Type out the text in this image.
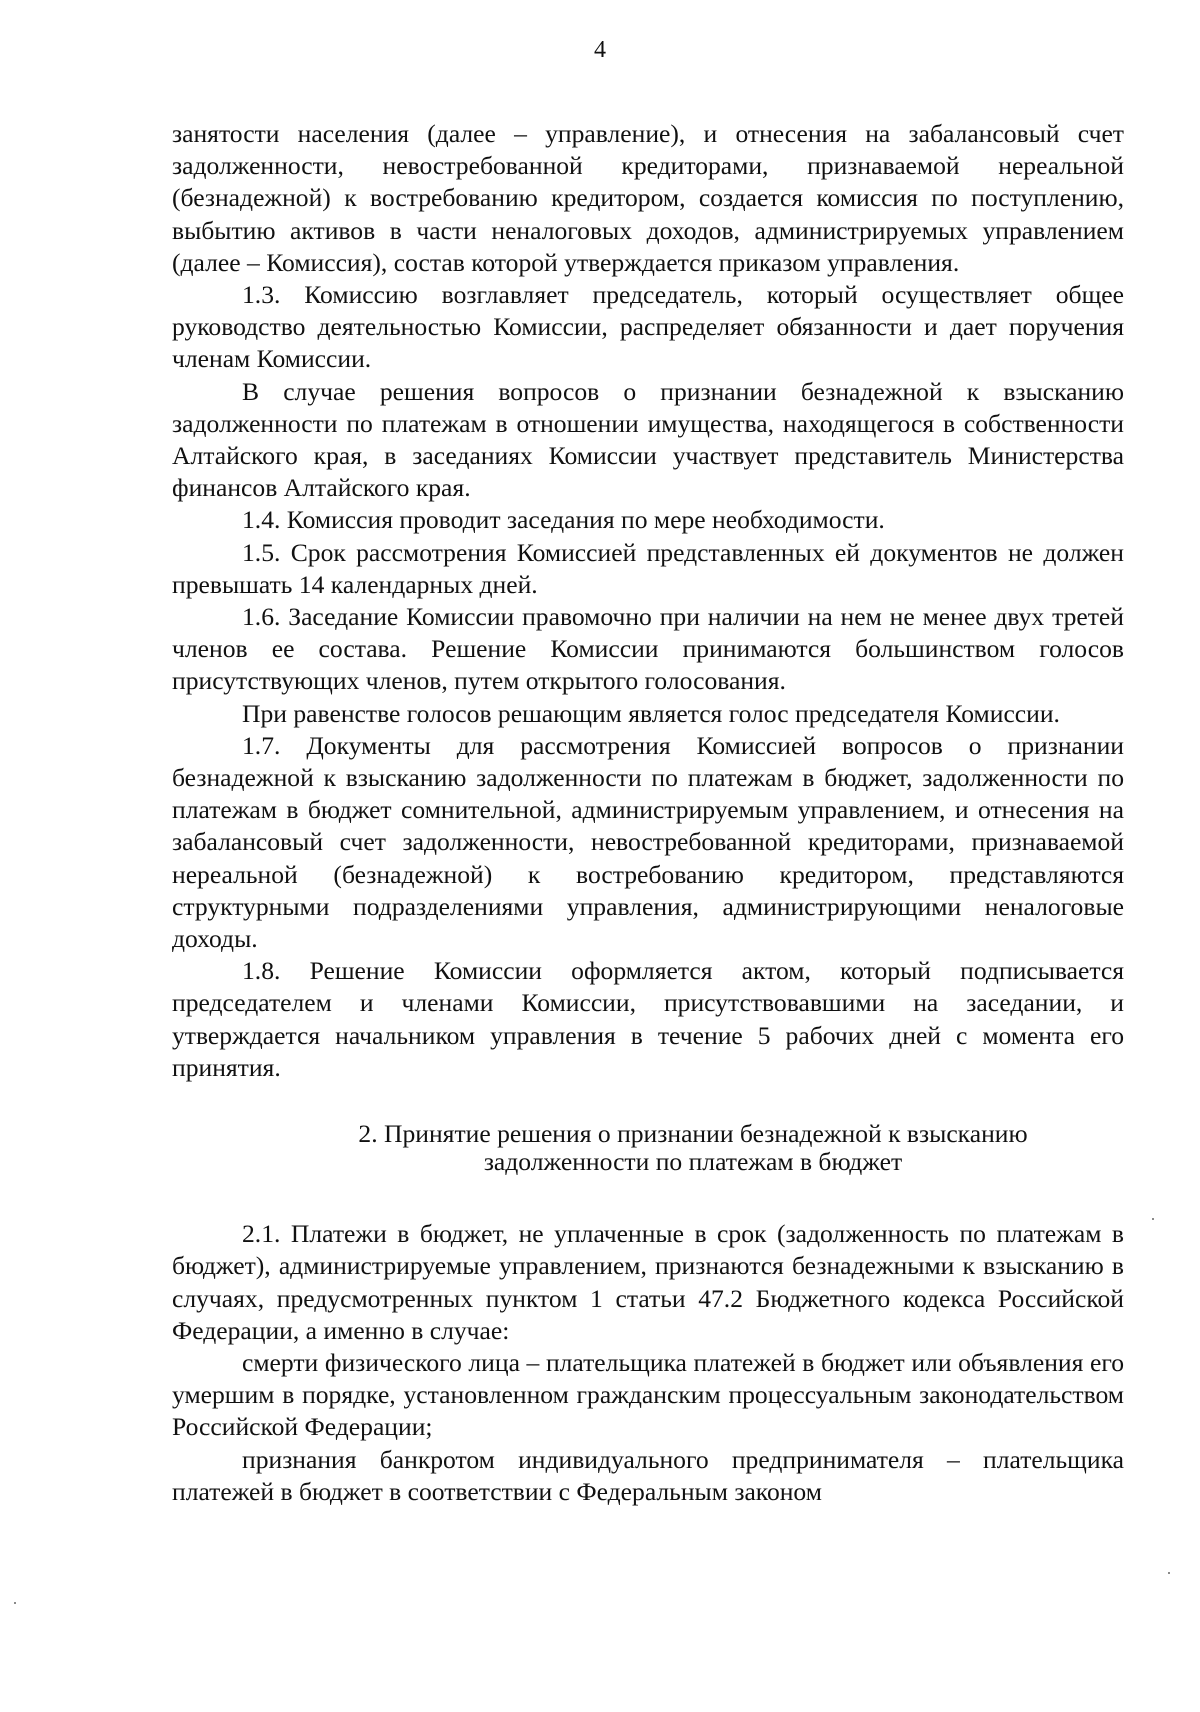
4

занятости населения (далее – управление), и отнесения на забалансовый счет задолженности, невостребованной кредиторами, признаваемой нереальной (безнадежной) к востребованию кредитором, создается комиссия по поступлению, выбытию активов в части неналоговых доходов, администрируемых управлением (далее – Комиссия), состав которой утверждается приказом управления.

1.3. Комиссию возглавляет председатель, который осуществляет общее руководство деятельностью Комиссии, распределяет обязанности и дает поручения членам Комиссии.

В случае решения вопросов о признании безнадежной к взысканию задолженности по платежам в отношении имущества, находящегося в собственности Алтайского края, в заседаниях Комиссии участвует представитель Министерства финансов Алтайского края.

1.4. Комиссия проводит заседания по мере необходимости.

1.5. Срок рассмотрения Комиссией представленных ей документов не должен превышать 14 календарных дней.

1.6. Заседание Комиссии правомочно при наличии на нем не менее двух третей членов ее состава. Решение Комиссии принимаются большинством голосов присутствующих членов, путем открытого голосования.

При равенстве голосов решающим является голос председателя Комиссии.

1.7. Документы для рассмотрения Комиссией вопросов о признании безнадежной к взысканию задолженности по платежам в бюджет, задолженности по платежам в бюджет сомнительной, администрируемым управлением, и отнесения на забалансовый счет задолженности, невостребованной кредиторами, признаваемой нереальной (безнадежной) к востребованию кредитором, представляются структурными подразделениями управления, администрирующими неналоговые доходы.

1.8. Решение Комиссии оформляется актом, который подписывается председателем и членами Комиссии, присутствовавшими на заседании, и утверждается начальником управления в течение 5 рабочих дней с момента его принятия.

2. Принятие решения о признании безнадежной к взысканию
задолженности по платежам в бюджет

2.1. Платежи в бюджет, не уплаченные в срок (задолженность по платежам в бюджет), администрируемые управлением, признаются безнадежными к взысканию в случаях, предусмотренных пунктом 1 статьи 47.2 Бюджетного кодекса Российской Федерации, а именно в случае:

смерти физического лица – плательщика платежей в бюджет или объявления его умершим в порядке, установленном гражданским процессуальным законодательством Российской Федерации;

признания банкротом индивидуального предпринимателя – плательщика платежей в бюджет в соответствии с Федеральным законом
